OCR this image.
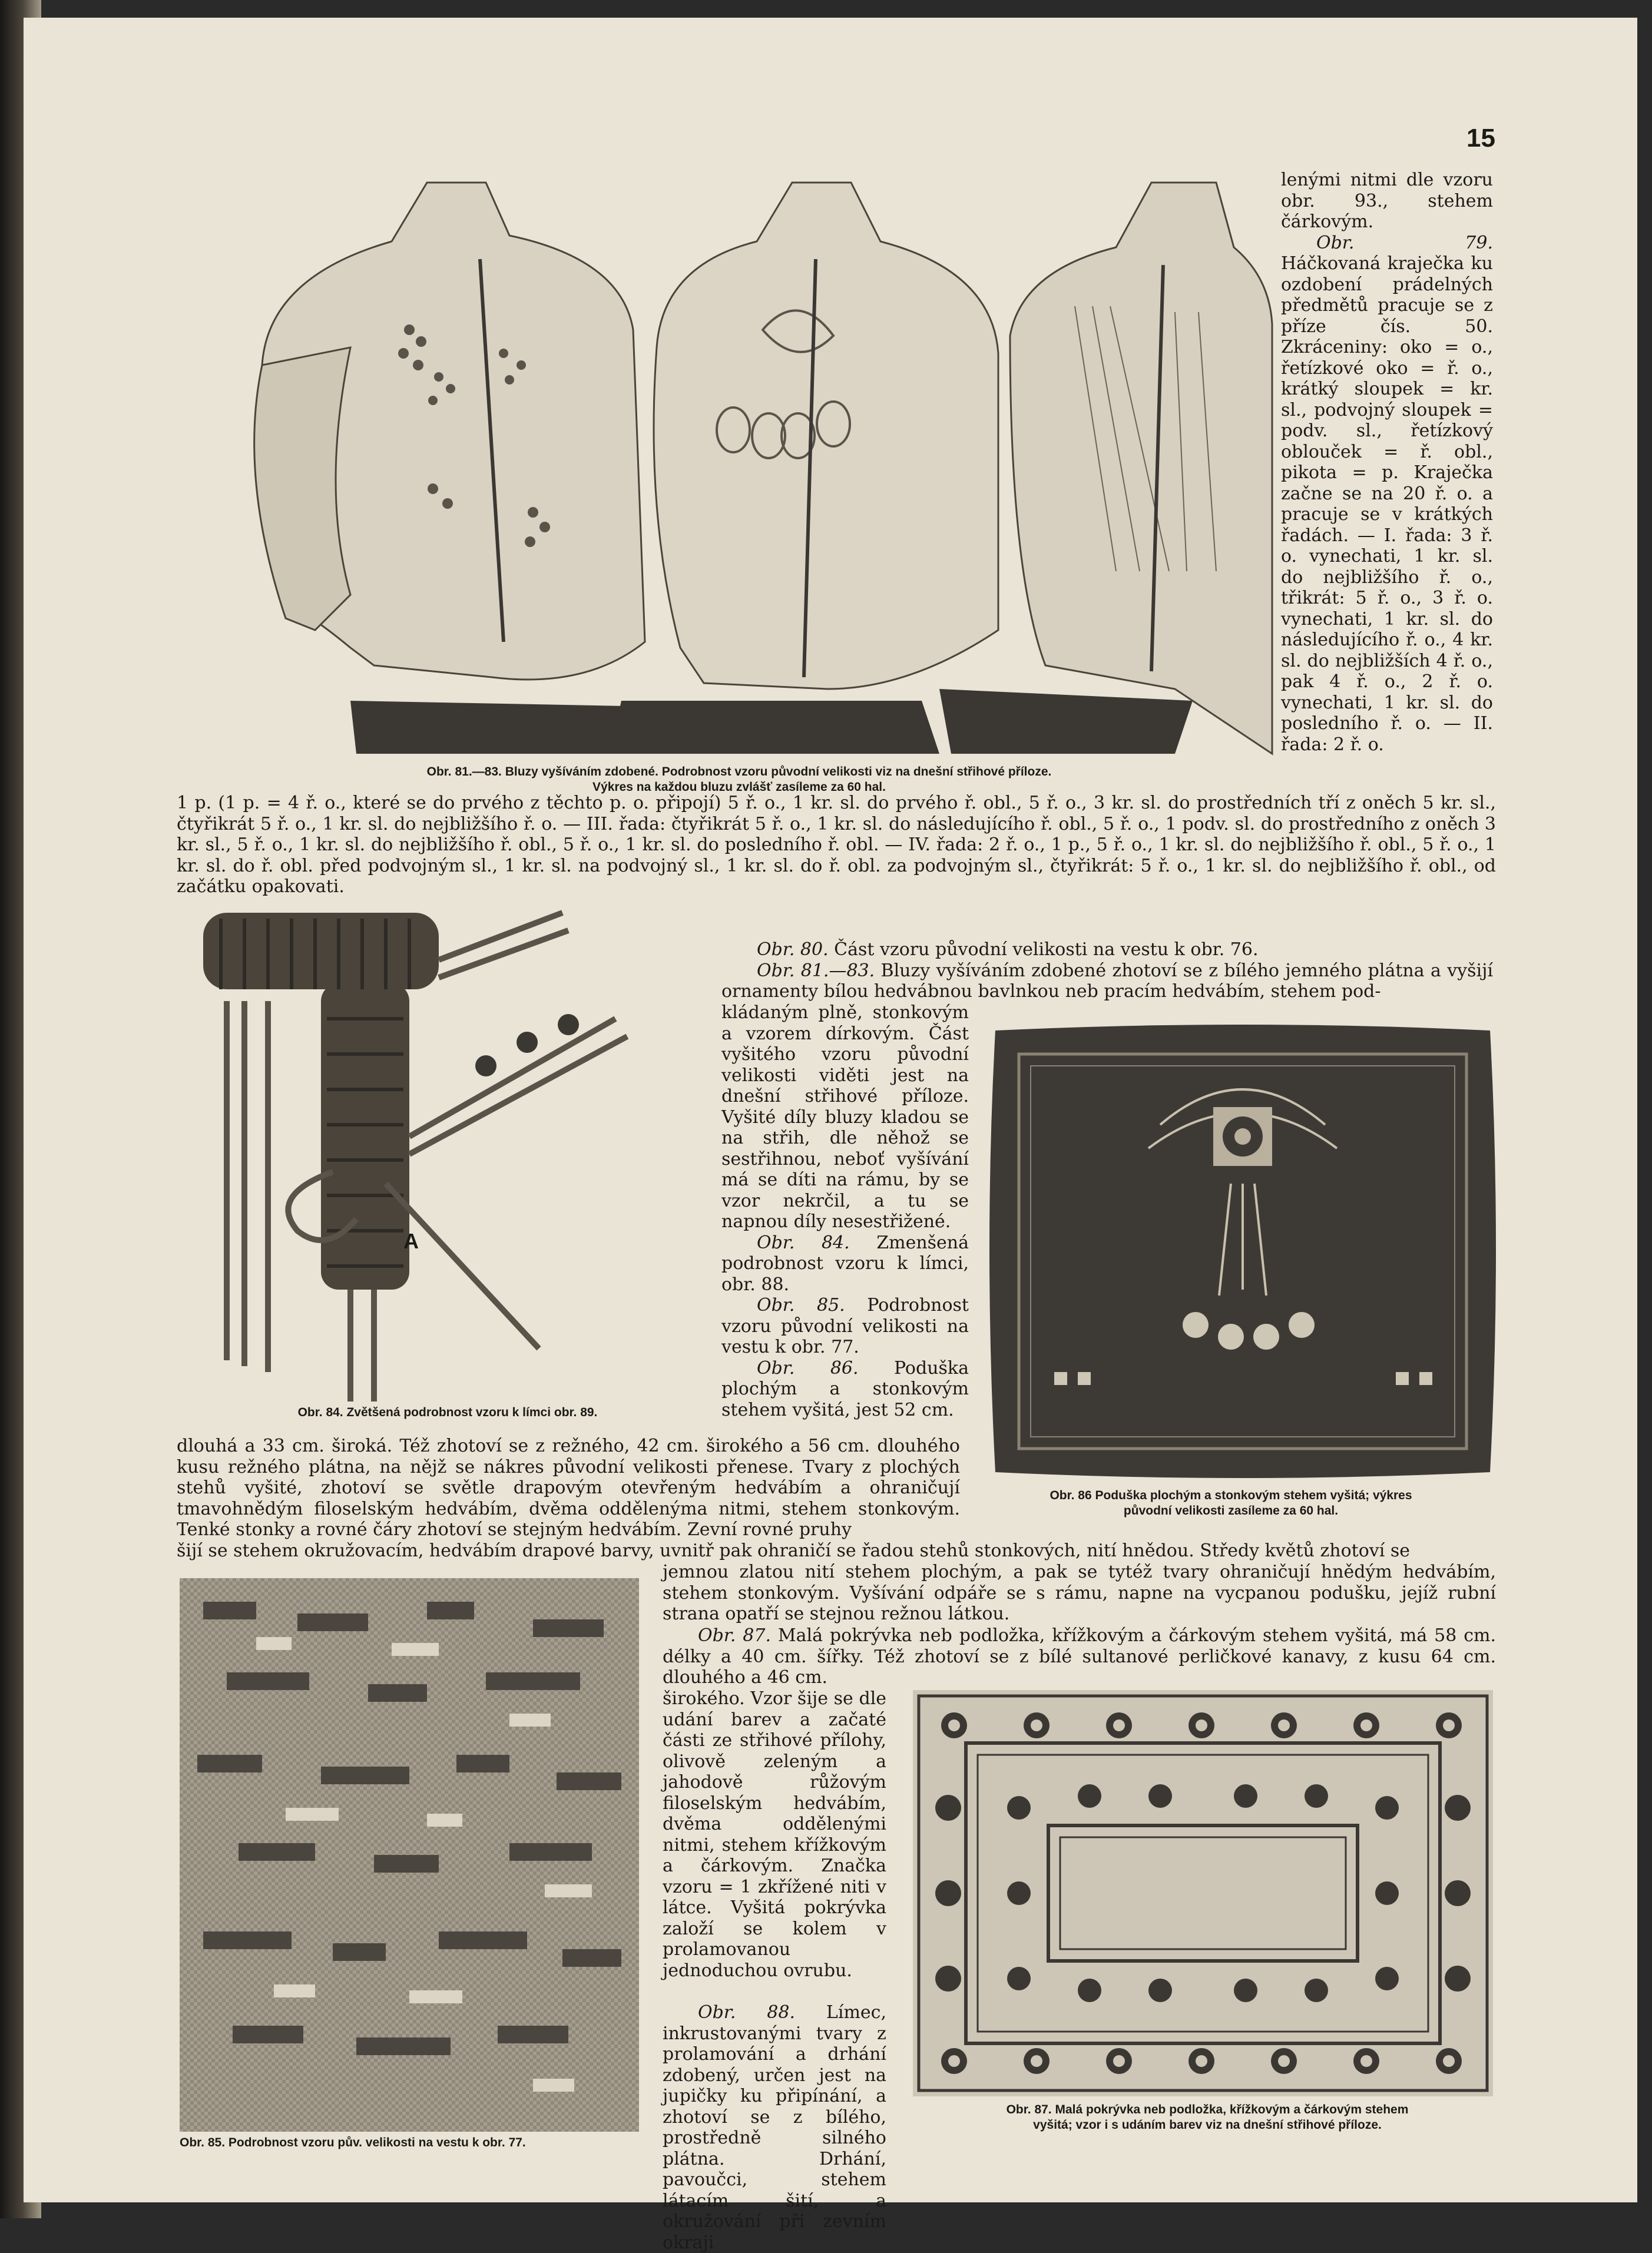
15
Obr. 81.—83. Bluzy vyšíváním zdobené. Podrobnost vzoru původní velikosti viz na dnešní střihové příloze.
Výkres na každou bluzu zvlášť zasíleme za 60 hal.

lenými nitmi dle vzoru obr. 93., stehem čárkovým.

Obr. 79. Háčkovaná kraječka ku ozdobení prádelných předmětů pracuje se z příze čís. 50. Zkráceniny: oko = o., řetízkové oko = ř. o., krátký sloupek = kr. sl., podvojný sloupek = podv. sl., řetízkový oblouček = ř. obl., pikota = p. Kraječka začne se na 20 ř. o. a pracuje se v krátkých řadách. — I. řada: 3 ř. o. vynechati, 1 kr. sl. do nejbližšího ř. o., třikrát: 5 ř. o., 3 ř. o. vynechati, 1 kr. sl. do následujícího ř. o., 4 kr. sl. do nejbližších 4 ř. o., pak 4 ř. o., 2 ř. o. vynechati, 1 kr. sl. do posledního ř. o. — II. řada: 2 ř. o.

1 p. (1 p. = 4 ř. o., které se do prvého z těchto p. o. připojí) 5 ř. o., 1 kr. sl. do prvého ř. obl., 5 ř. o., 3 kr. sl. do prostředních tří z oněch 5 kr. sl., čtyřikrát 5 ř. o., 1 kr. sl. do nejbližšího ř. o. — III. řada: čtyřikrát 5 ř. o., 1 kr. sl. do následujícího ř. obl., 5 ř. o., 1 podv. sl. do prostředního z oněch 3 kr. sl., 5 ř. o., 1 kr. sl. do nejbližšího ř. obl., 5 ř. o., 1 kr. sl. do posledního ř. obl. — IV. řada: 2 ř. o., 1 p., 5 ř. o., 1 kr. sl. do nejbližšího ř. obl., 5 ř. o., 1 kr. sl. do ř. obl. před podvojným sl., 1 kr. sl. na podvojný sl., 1 kr. sl. do ř. obl. za podvojným sl., čtyřikrát: 5 ř. o., 1 kr. sl. do nejbližšího ř. obl., od začátku opakovati.

A
Obr. 84. Zvětšená podrobnost vzoru k límci obr. 89.

Obr. 80. Část vzoru původní velikosti na vestu k obr. 76.

Obr. 81.—83. Bluzy vyšíváním zdobené zhotoví se z bílého jemného plátna a vyšijí ornamenty bílou hedvábnou bavlnkou neb pracím hedvábím, stehem pod-

kládaným plně, stonkovým a vzorem dírkovým. Část vyšitého vzoru původní velikosti viděti jest na dnešní střihové příloze. Vyšité díly bluzy kladou se na střih, dle něhož se sestřihnou, neboť vyšívání má se díti na rámu, by se vzor nekrčil, a tu se napnou díly nesestřižené.

Obr. 84. Zmenšená podrobnost vzoru k límci, obr. 88.

Obr. 85. Podrobnost vzoru původní velikosti na vestu k obr. 77.

Obr. 86. Poduška plochým a stonkovým stehem vyšitá, jest 52 cm.

Obr. 86 Poduška plochým a stonkovým stehem vyšitá; výkres
původní velikosti zasíleme za 60 hal.

dlouhá a 33 cm. široká. Též zhotoví se z režného, 42 cm. širokého a 56 cm. dlouhého kusu režného plátna, na nějž se nákres původní velikosti přenese. Tvary z plochých stehů vyšité, zhotoví se světle drapovým otevřeným hedvábím a ohraničují tmavohnědým filoselským hedvábím, dvěma oddělenýma nitmi, stehem stonkovým. Tenké stonky a rovné čáry zhotoví se stejným hedvábím. Zevní rovné pruhy

šijí se stehem okružovacím, hedvábím drapové barvy, uvnitř pak ohraničí se řadou stehů stonkových, nití hnědou. Středy květů zhotoví se

Obr. 85. Podrobnost vzoru pův. velikosti na vestu k obr. 77.

jemnou zlatou nití stehem plochým, a pak se tytéž tvary ohraničují hnědým hedvábím, stehem stonkovým. Vyšívání odpáře se s rámu, napne na vycpanou podušku, jejíž rubní strana opatří se stejnou režnou látkou.

Obr. 87. Malá pokrývka neb podložka, křížkovým a čárkovým stehem vyšitá, má 58 cm. délky a 40 cm. šířky. Též zhotoví se z bílé sultanové perličkové kanavy, z kusu 64 cm. dlouhého a 46 cm.

širokého. Vzor šije se dle udání barev a začaté části ze střihové přílohy, olivově zeleným a jahodově růžovým filoselským hedvábím, dvěma oddělenými nitmi, stehem křížkovým a čárkovým. Značka vzoru = 1 zkřížené niti v látce. Vyšitá pokrývka založí se kolem v prolamovanou jednoduchou ovrubu.

Obr. 88. Límec, inkrustovanými tvary z prolamování a drhání zdobený, určen jest na jupičky ku připínání, a zhotoví se z bílého, prostředně silného plátna. Drhání, pavoučci, stehem látacím šití, a okružování při zevním okraji

Obr. 87. Malá pokrývka neb podložka, křížkovým a čárkovým stehem
vyšitá; vzor i s udáním barev viz na dnešní střihové příloze.
